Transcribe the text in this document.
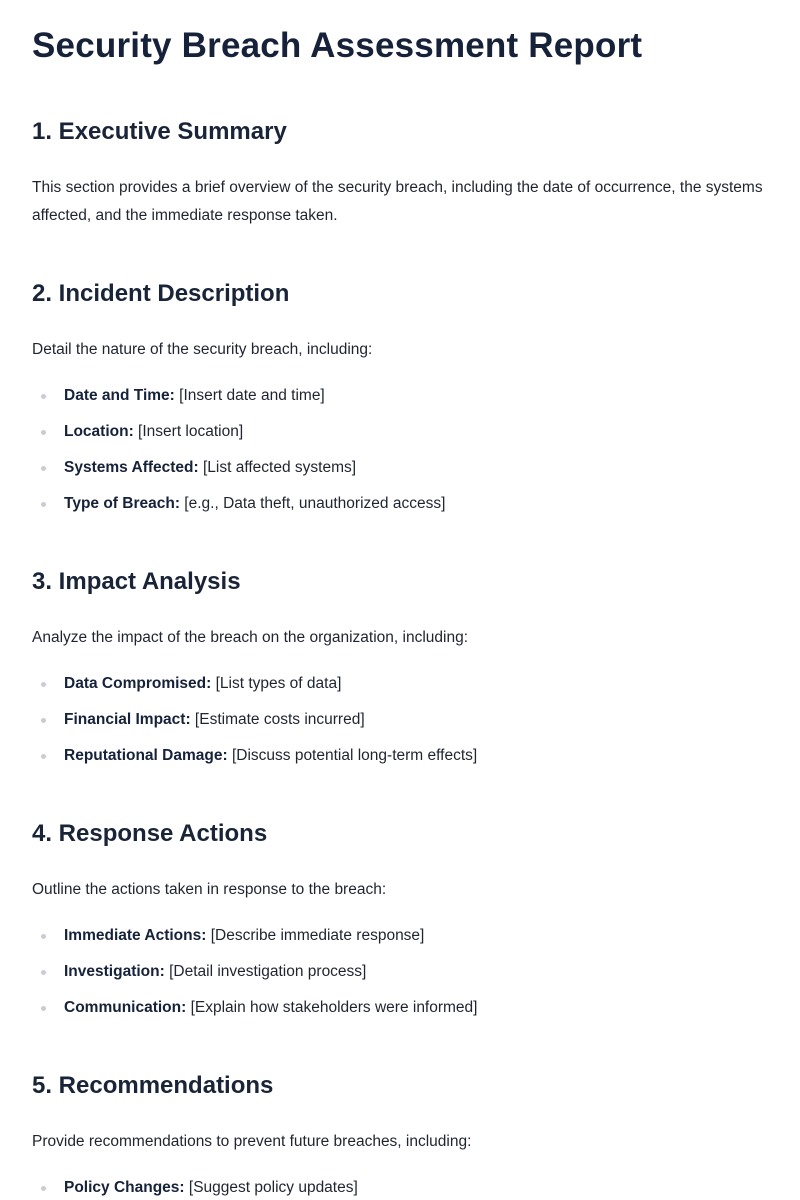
Security Breach Assessment Report
1. Executive Summary

This section provides a brief overview of the security breach, including the date of occurrence, the systems affected, and the immediate response taken.

2. Incident Description

Detail the nature of the security breach, including:

Date and Time: [Insert date and time]
Location: [Insert location]
Systems Affected: [List affected systems]
Type of Breach: [e.g., Data theft, unauthorized access]
3. Impact Analysis

Analyze the impact of the breach on the organization, including:

Data Compromised: [List types of data]
Financial Impact: [Estimate costs incurred]
Reputational Damage: [Discuss potential long-term effects]
4. Response Actions

Outline the actions taken in response to the breach:

Immediate Actions: [Describe immediate response]
Investigation: [Detail investigation process]
Communication: [Explain how stakeholders were informed]
5. Recommendations

Provide recommendations to prevent future breaches, including:

Policy Changes: [Suggest policy updates]
